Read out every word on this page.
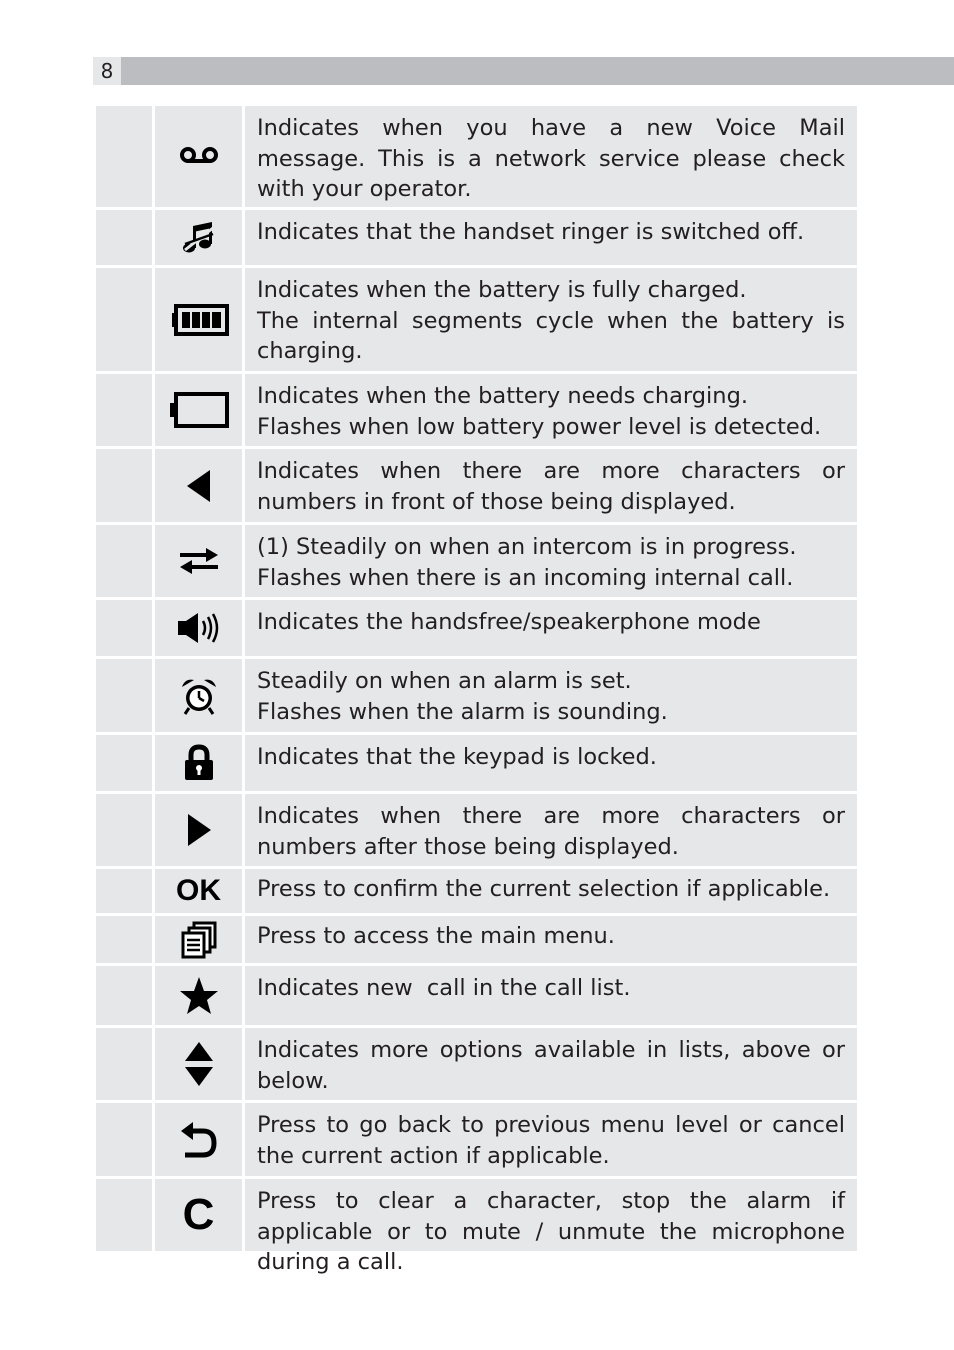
8
Indicates when you have a new Voice Mail message. This is a network service please check with your operator.
Indicates that the handset ringer is switched off.
Indicates when the battery is fully charged.
The internal segments cycle when the battery is charging.
Indicates when the battery needs charging.
Flashes when low battery power level is detected.
Indicates when there are more characters or numbers in front of those being displayed.
(1) Steadily on when an intercom is in progress.
Flashes when there is an incoming internal call.
Indicates the handsfree/speakerphone mode
Steadily on when an alarm is set.
Flashes when the alarm is sounding.
Indicates that the keypad is locked.
Indicates when there are more characters or numbers after those being displayed.
OK Press to confirm the current selection if applicable.
Press to access the main menu.
Indicates new  call in the call list.
Indicates more options available in lists, above or below.
Press to go back to previous menu level or cancel the current action if applicable.
C Press to clear a character, stop the alarm if applicable or to mute / unmute the microphone during a call.
